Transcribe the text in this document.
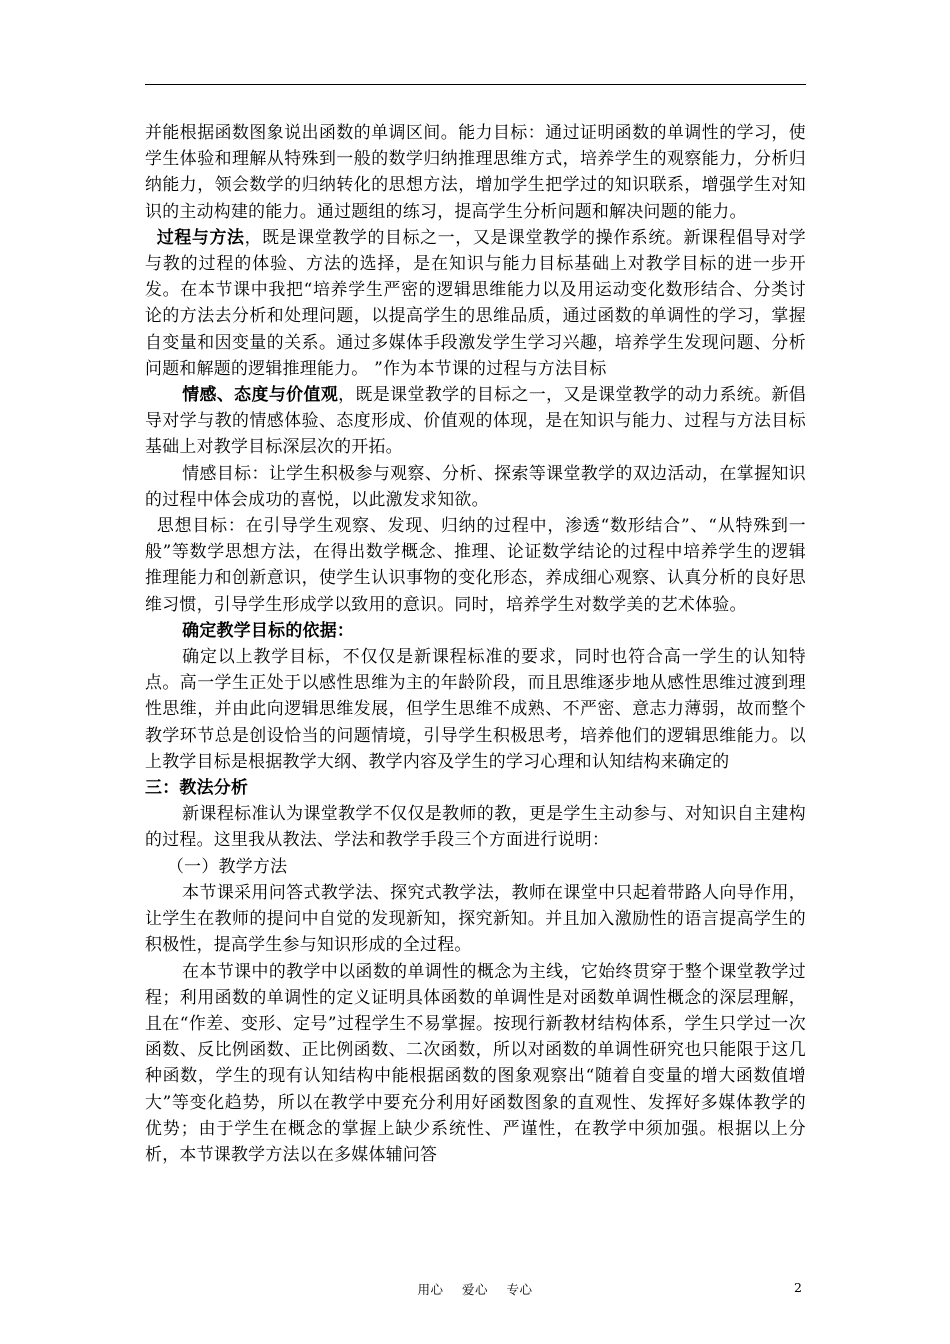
并能根据函数图象说出函数的单调区间。能力目标：通过证明函数的单调性的学习，使学生体验和理解从特殊到一般的数学归纳推理思维方式，培养学生的观察能力，分析归纳能力，领会数学的归纳转化的思想方法，增加学生把学过的知识联系，增强学生对知识的主动构建的能力。通过题组的练习，提高学生分析问题和解决问题的能力。

过程与方法，既是课堂教学的目标之一，又是课堂教学的操作系统。新课程倡导对学与教的过程的体验、方法的选择，是在知识与能力目标基础上对教学目标的进一步开发。在本节课中我把“培养学生严密的逻辑思维能力以及用运动变化数形结合、分类讨论的方法去分析和处理问题，以提高学生的思维品质，通过函数的单调性的学习，掌握自变量和因变量的关系。通过多媒体手段激发学生学习兴趣，培养学生发现问题、分析问题和解题的逻辑推理能力。 ”作为本节课的过程与方法目标

情感、态度与价值观，既是课堂教学的目标之一，又是课堂教学的动力系统。新倡导对学与教的情感体验、态度形成、价值观的体现，是在知识与能力、过程与方法目标基础上对教学目标深层次的开拓。

情感目标：让学生积极参与观察、分析、探索等课堂教学的双边活动，在掌握知识的过程中体会成功的喜悦，以此激发求知欲。

思想目标：在引导学生观察、发现、归纳的过程中，渗透“数形结合”、“从特殊到一般”等数学思想方法，在得出数学概念、推理、论证数学结论的过程中培养学生的逻辑推理能力和创新意识，使学生认识事物的变化形态，养成细心观察、认真分析的良好思维习惯，引导学生形成学以致用的意识。同时，培养学生对数学美的艺术体验。

确定教学目标的依据：

确定以上教学目标，不仅仅是新课程标准的要求，同时也符合高一学生的认知特点。高一学生正处于以感性思维为主的年龄阶段，而且思维逐步地从感性思维过渡到理性思维，并由此向逻辑思维发展，但学生思维不成熟、不严密、意志力薄弱，故而整个教学环节总是创设恰当的问题情境，引导学生积极思考，培养他们的逻辑思维能力。以上教学目标是根据教学大纲、教学内容及学生的学习心理和认知结构来确定的

三：教法分析

新课程标准认为课堂教学不仅仅是教师的教，更是学生主动参与、对知识自主建构的过程。这里我从教法、学法和教学手段三个方面进行说明：

（一）教学方法

本节课采用问答式教学法、探究式教学法，教师在课堂中只起着带路人向导作用，让学生在教师的提问中自觉的发现新知，探究新知。并且加入激励性的语言提高学生的积极性，提高学生参与知识形成的全过程。

在本节课中的教学中以函数的单调性的概念为主线，它始终贯穿于整个课堂教学过程；利用函数的单调性的定义证明具体函数的单调性是对函数单调性概念的深层理解，且在“作差、变形、定号”过程学生不易掌握。按现行新教材结构体系，学生只学过一次函数、反比例函数、正比例函数、二次函数，所以对函数的单调性研究也只能限于这几种函数，学生的现有认知结构中能根据函数的图象观察出“随着自变量的增大函数值增大”等变化趋势，所以在教学中要充分利用好函数图象的直观性、发挥好多媒体教学的优势；由于学生在概念的掌握上缺少系统性、严谨性，在教学中须加强。根据以上分析，本节课教学方法以在多媒体辅问答

用心 爱心 专心	2
